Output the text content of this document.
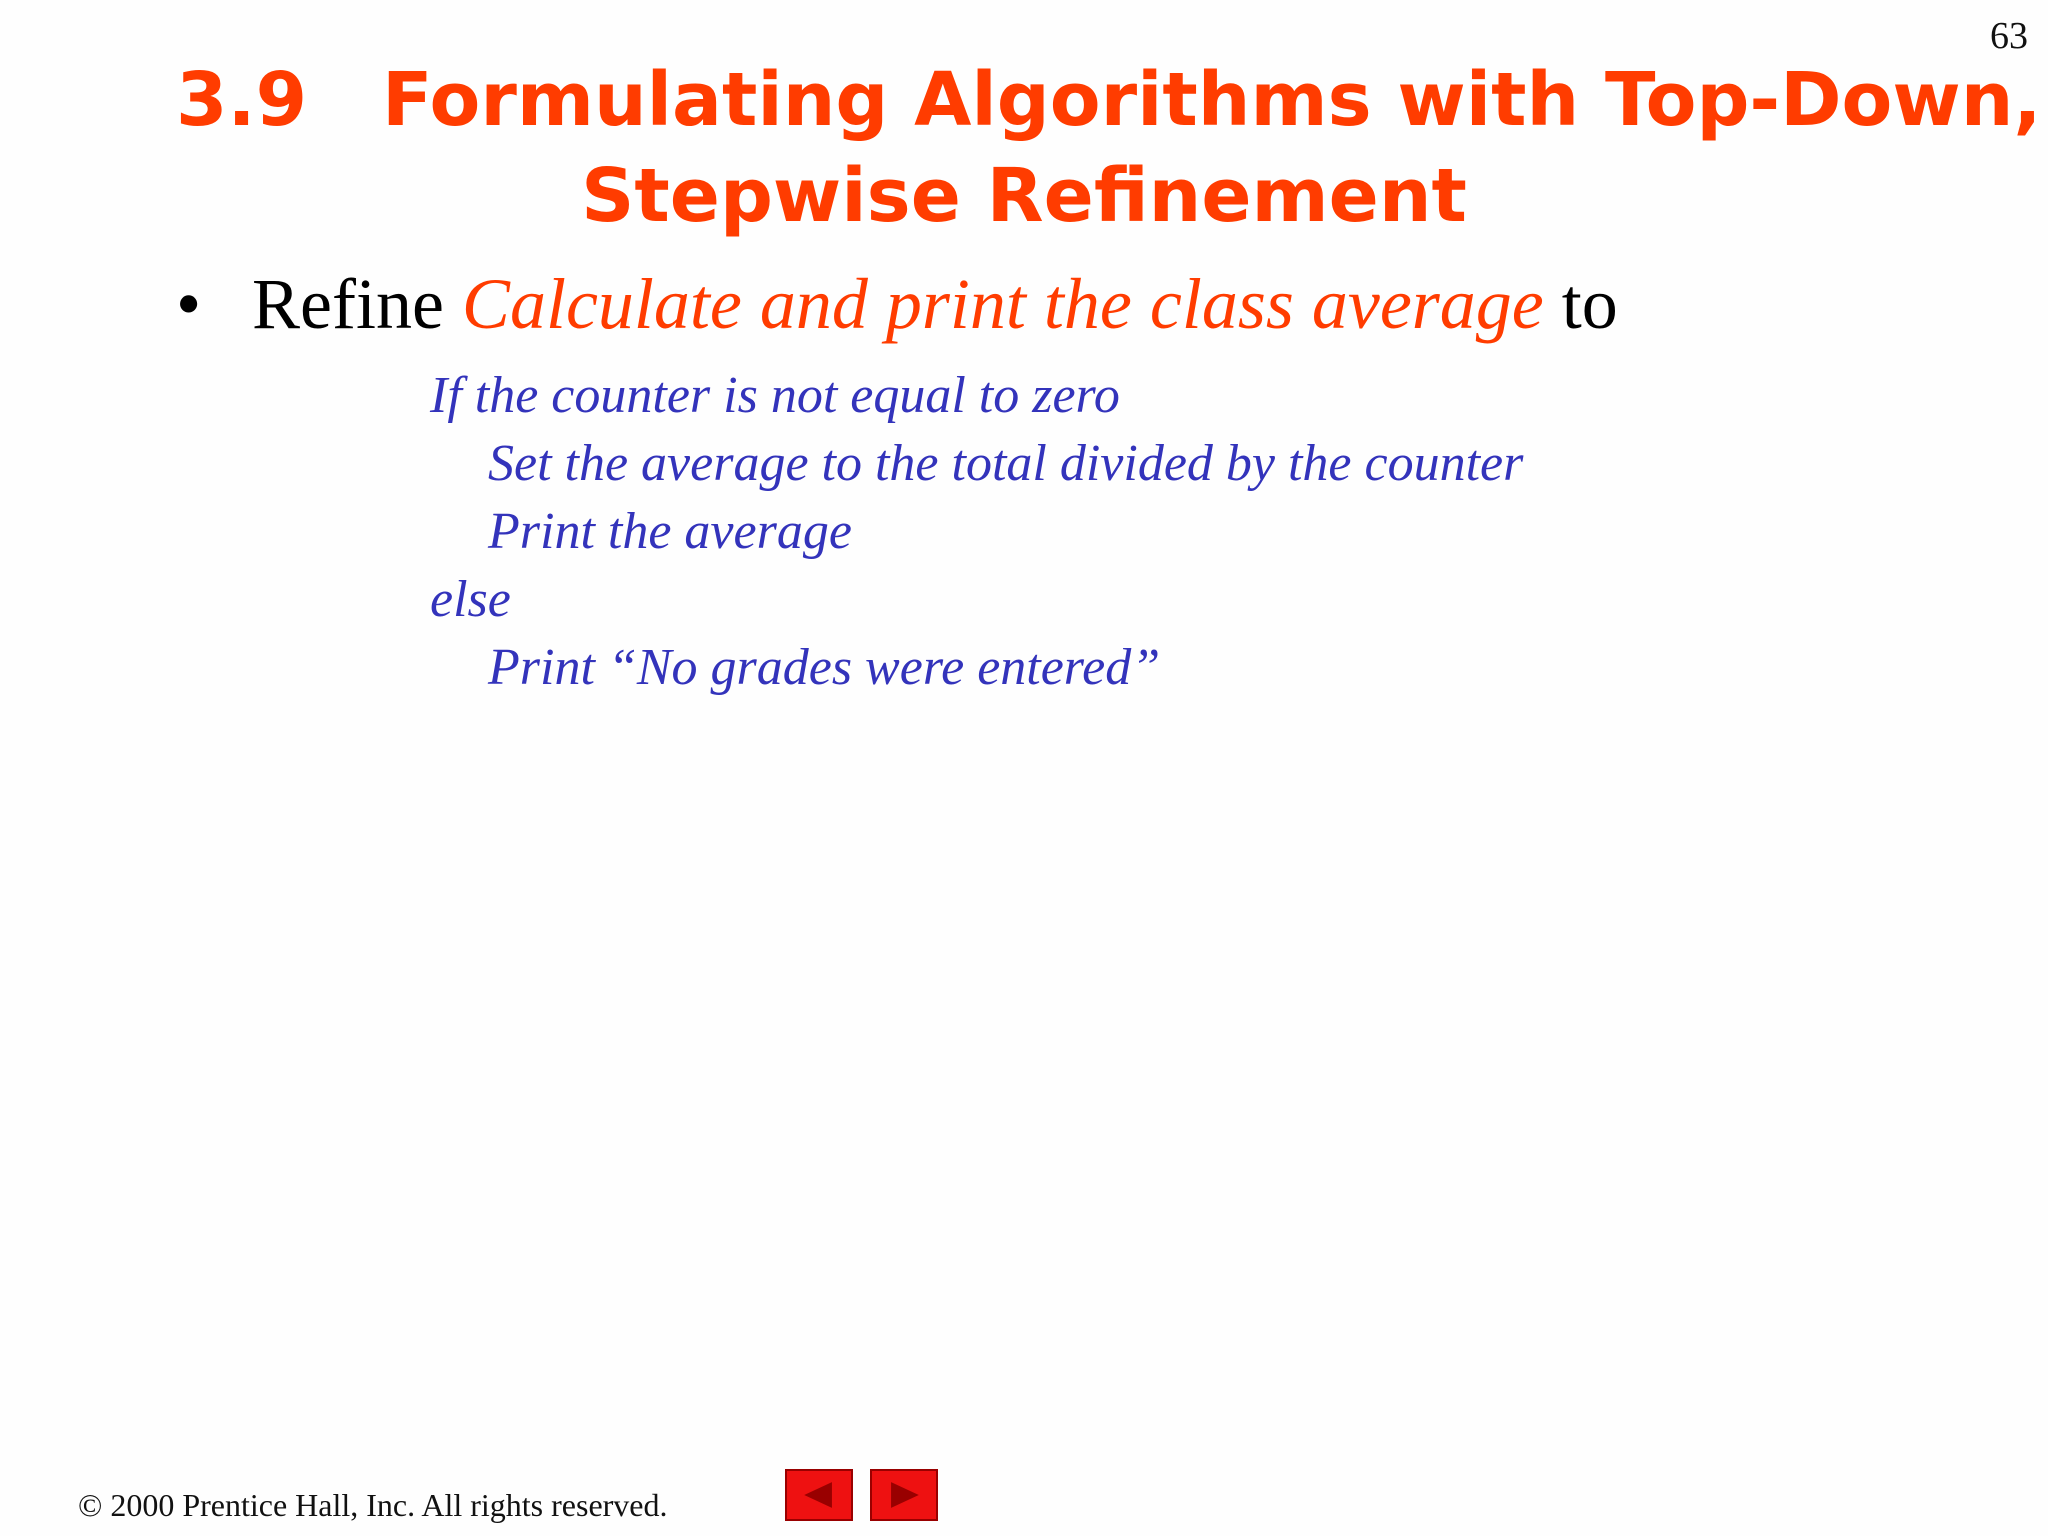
63
3.9 Formulating Algorithms with Top-Down,
Stepwise Refinement
• Refine Calculate and print the class average to
If the counter is not equal to zero
Set the average to the total divided by the counter
Print the average
else
Print “No grades were entered”
© 2000 Prentice Hall, Inc. All rights reserved.
